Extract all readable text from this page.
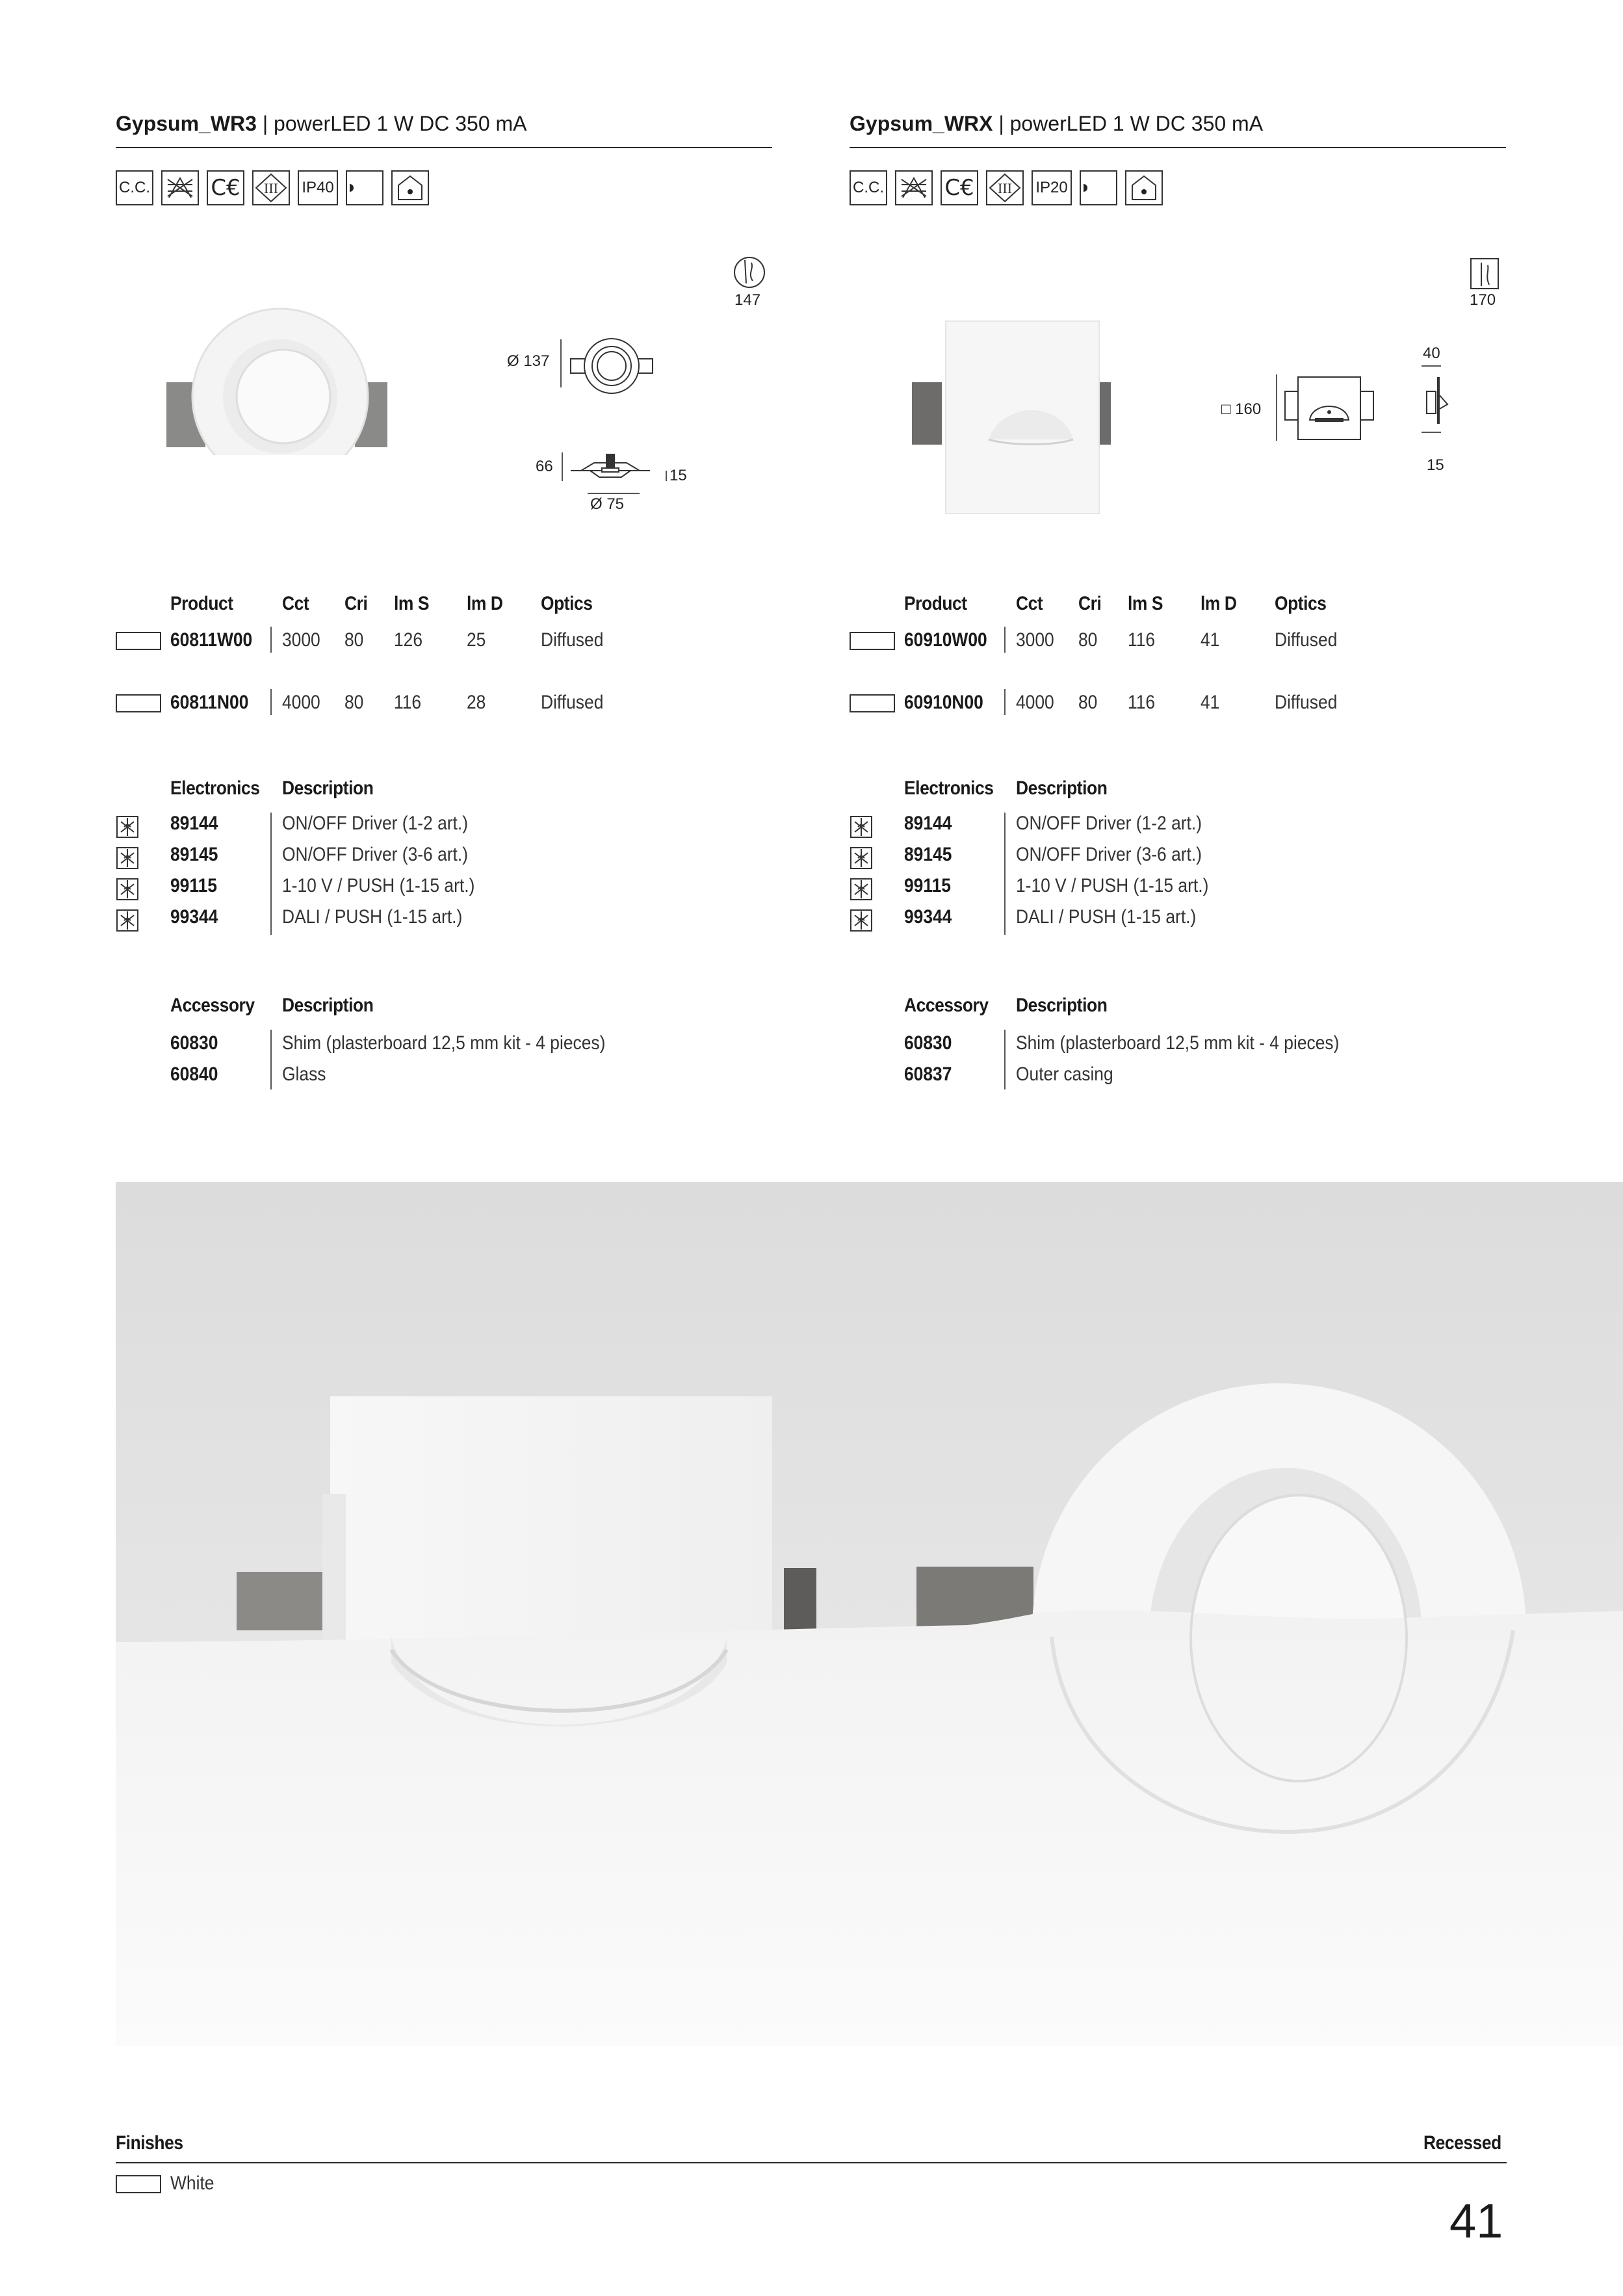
Gypsum_WR3 | powerLED 1 W DC 350 mA
C.C.	C€ III IP40
147
Ø 137
66
15
Ø 75
Product	Cct Cri lm S lm D Optics
60811W00 3000 80 126 25	Diffused
60811N00 4000 80 116 28	Diffused
Electronics Description
89144	ON/OFF Driver (1-2 art.)
89145	ON/OFF Driver (3-6 art.)
99115	1-10 V / PUSH (1-15 art.)
99344	DALI / PUSH (1-15 art.)
Accessory Description
60830	Shim (plasterboard 12,5 mm kit - 4 pieces)
60840	Glass
Gypsum_WRX | powerLED 1 W DC 350 mA
C.C.	C€ III IP20
170
□ 160
40
15
Product	Cct Cri lm S lm D Optics
60910W00 3000 80 116 41	Diffused
60910N00 4000 80 116 41	Diffused
Electronics Description
89144	ON/OFF Driver (1-2 art.)
89145	ON/OFF Driver (3-6 art.)
99115	1-10 V / PUSH (1-15 art.)
99344	DALI / PUSH (1-15 art.)
Accessory Description
60830	Shim (plasterboard 12,5 mm kit - 4 pieces)
60837	Outer casing
Finishes	Recessed
White
41
